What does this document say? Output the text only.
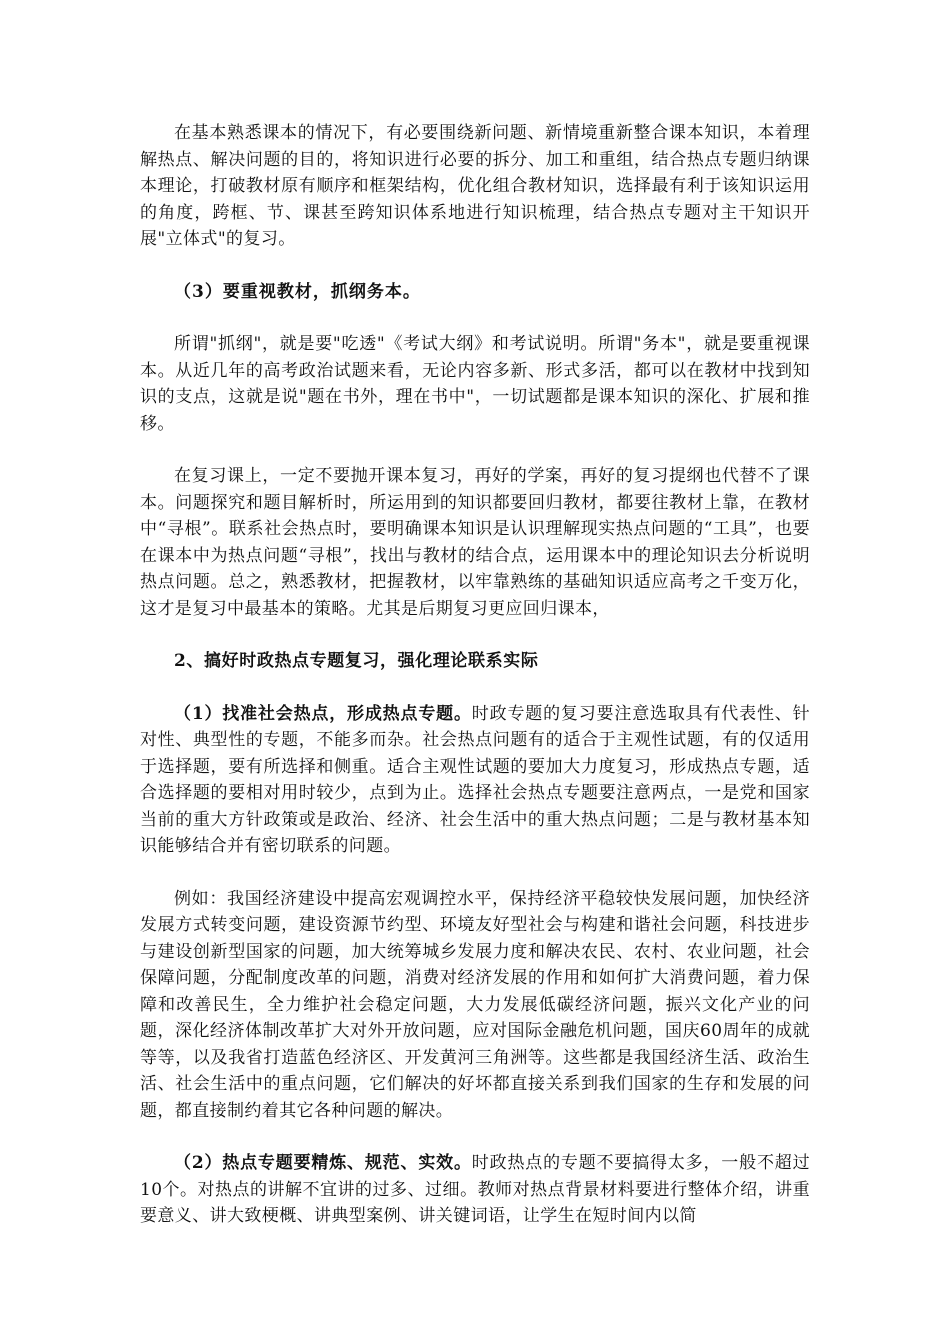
在基本熟悉课本的情况下，有必要围绕新问题、新情境重新整合课本知识，本着理解热点、解决问题的目的，将知识进行必要的拆分、加工和重组，结合热点专题归纳课本理论，打破教材原有顺序和框架结构，优化组合教材知识，选择最有利于该知识运用的角度，跨框、节、课甚至跨知识体系地进行知识梳理，结合热点专题对主干知识开展"立体式"的复习。

（3）要重视教材，抓纲务本。

所谓"抓纲"，就是要"吃透"《考试大纲》和考试说明。所谓"务本"，就是要重视课本。从近几年的高考政治试题来看，无论内容多新、形式多活，都可以在教材中找到知识的支点，这就是说"题在书外，理在书中"，一切试题都是课本知识的深化、扩展和推移。

在复习课上，一定不要抛开课本复习，再好的学案，再好的复习提纲也代替不了课本。问题探究和题目解析时，所运用到的知识都要回归教材，都要往教材上靠，在教材中“寻根”。联系社会热点时，要明确课本知识是认识理解现实热点问题的“工具”，也要在课本中为热点问题“寻根”，找出与教材的结合点，运用课本中的理论知识去分析说明热点问题。总之，熟悉教材，把握教材，以牢靠熟练的基础知识适应高考之千变万化，这才是复习中最基本的策略。尤其是后期复习更应回归课本，

2、搞好时政热点专题复习，强化理论联系实际

（1）找准社会热点，形成热点专题。时政专题的复习要注意选取具有代表性、针对性、典型性的专题，不能多而杂。社会热点问题有的适合于主观性试题，有的仅适用于选择题，要有所选择和侧重。适合主观性试题的要加大力度复习，形成热点专题，适合选择题的要相对用时较少，点到为止。选择社会热点专题要注意两点，一是党和国家当前的重大方针政策或是政治、经济、社会生活中的重大热点问题；二是与教材基本知识能够结合并有密切联系的问题。

例如：我国经济建设中提高宏观调控水平，保持经济平稳较快发展问题，加快经济发展方式转变问题，建设资源节约型、环境友好型社会与构建和谐社会问题，科技进步与建设创新型国家的问题，加大统筹城乡发展力度和解决农民、农村、农业问题，社会保障问题，分配制度改革的问题，消费对经济发展的作用和如何扩大消费问题，着力保障和改善民生，全力维护社会稳定问题，大力发展低碳经济问题，振兴文化产业的问题，深化经济体制改革扩大对外开放问题，应对国际金融危机问题，国庆60周年的成就等等，以及我省打造蓝色经济区、开发黄河三角洲等。这些都是我国经济生活、政治生活、社会生活中的重点问题，它们解决的好坏都直接关系到我们国家的生存和发展的问题，都直接制约着其它各种问题的解决。

（2）热点专题要精炼、规范、实效。时政热点的专题不要搞得太多，一般不超过10个。对热点的讲解不宜讲的过多、过细。教师对热点背景材料要进行整体介绍，讲重要意义、讲大致梗概、讲典型案例、讲关键词语，让学生在短时间内以简
